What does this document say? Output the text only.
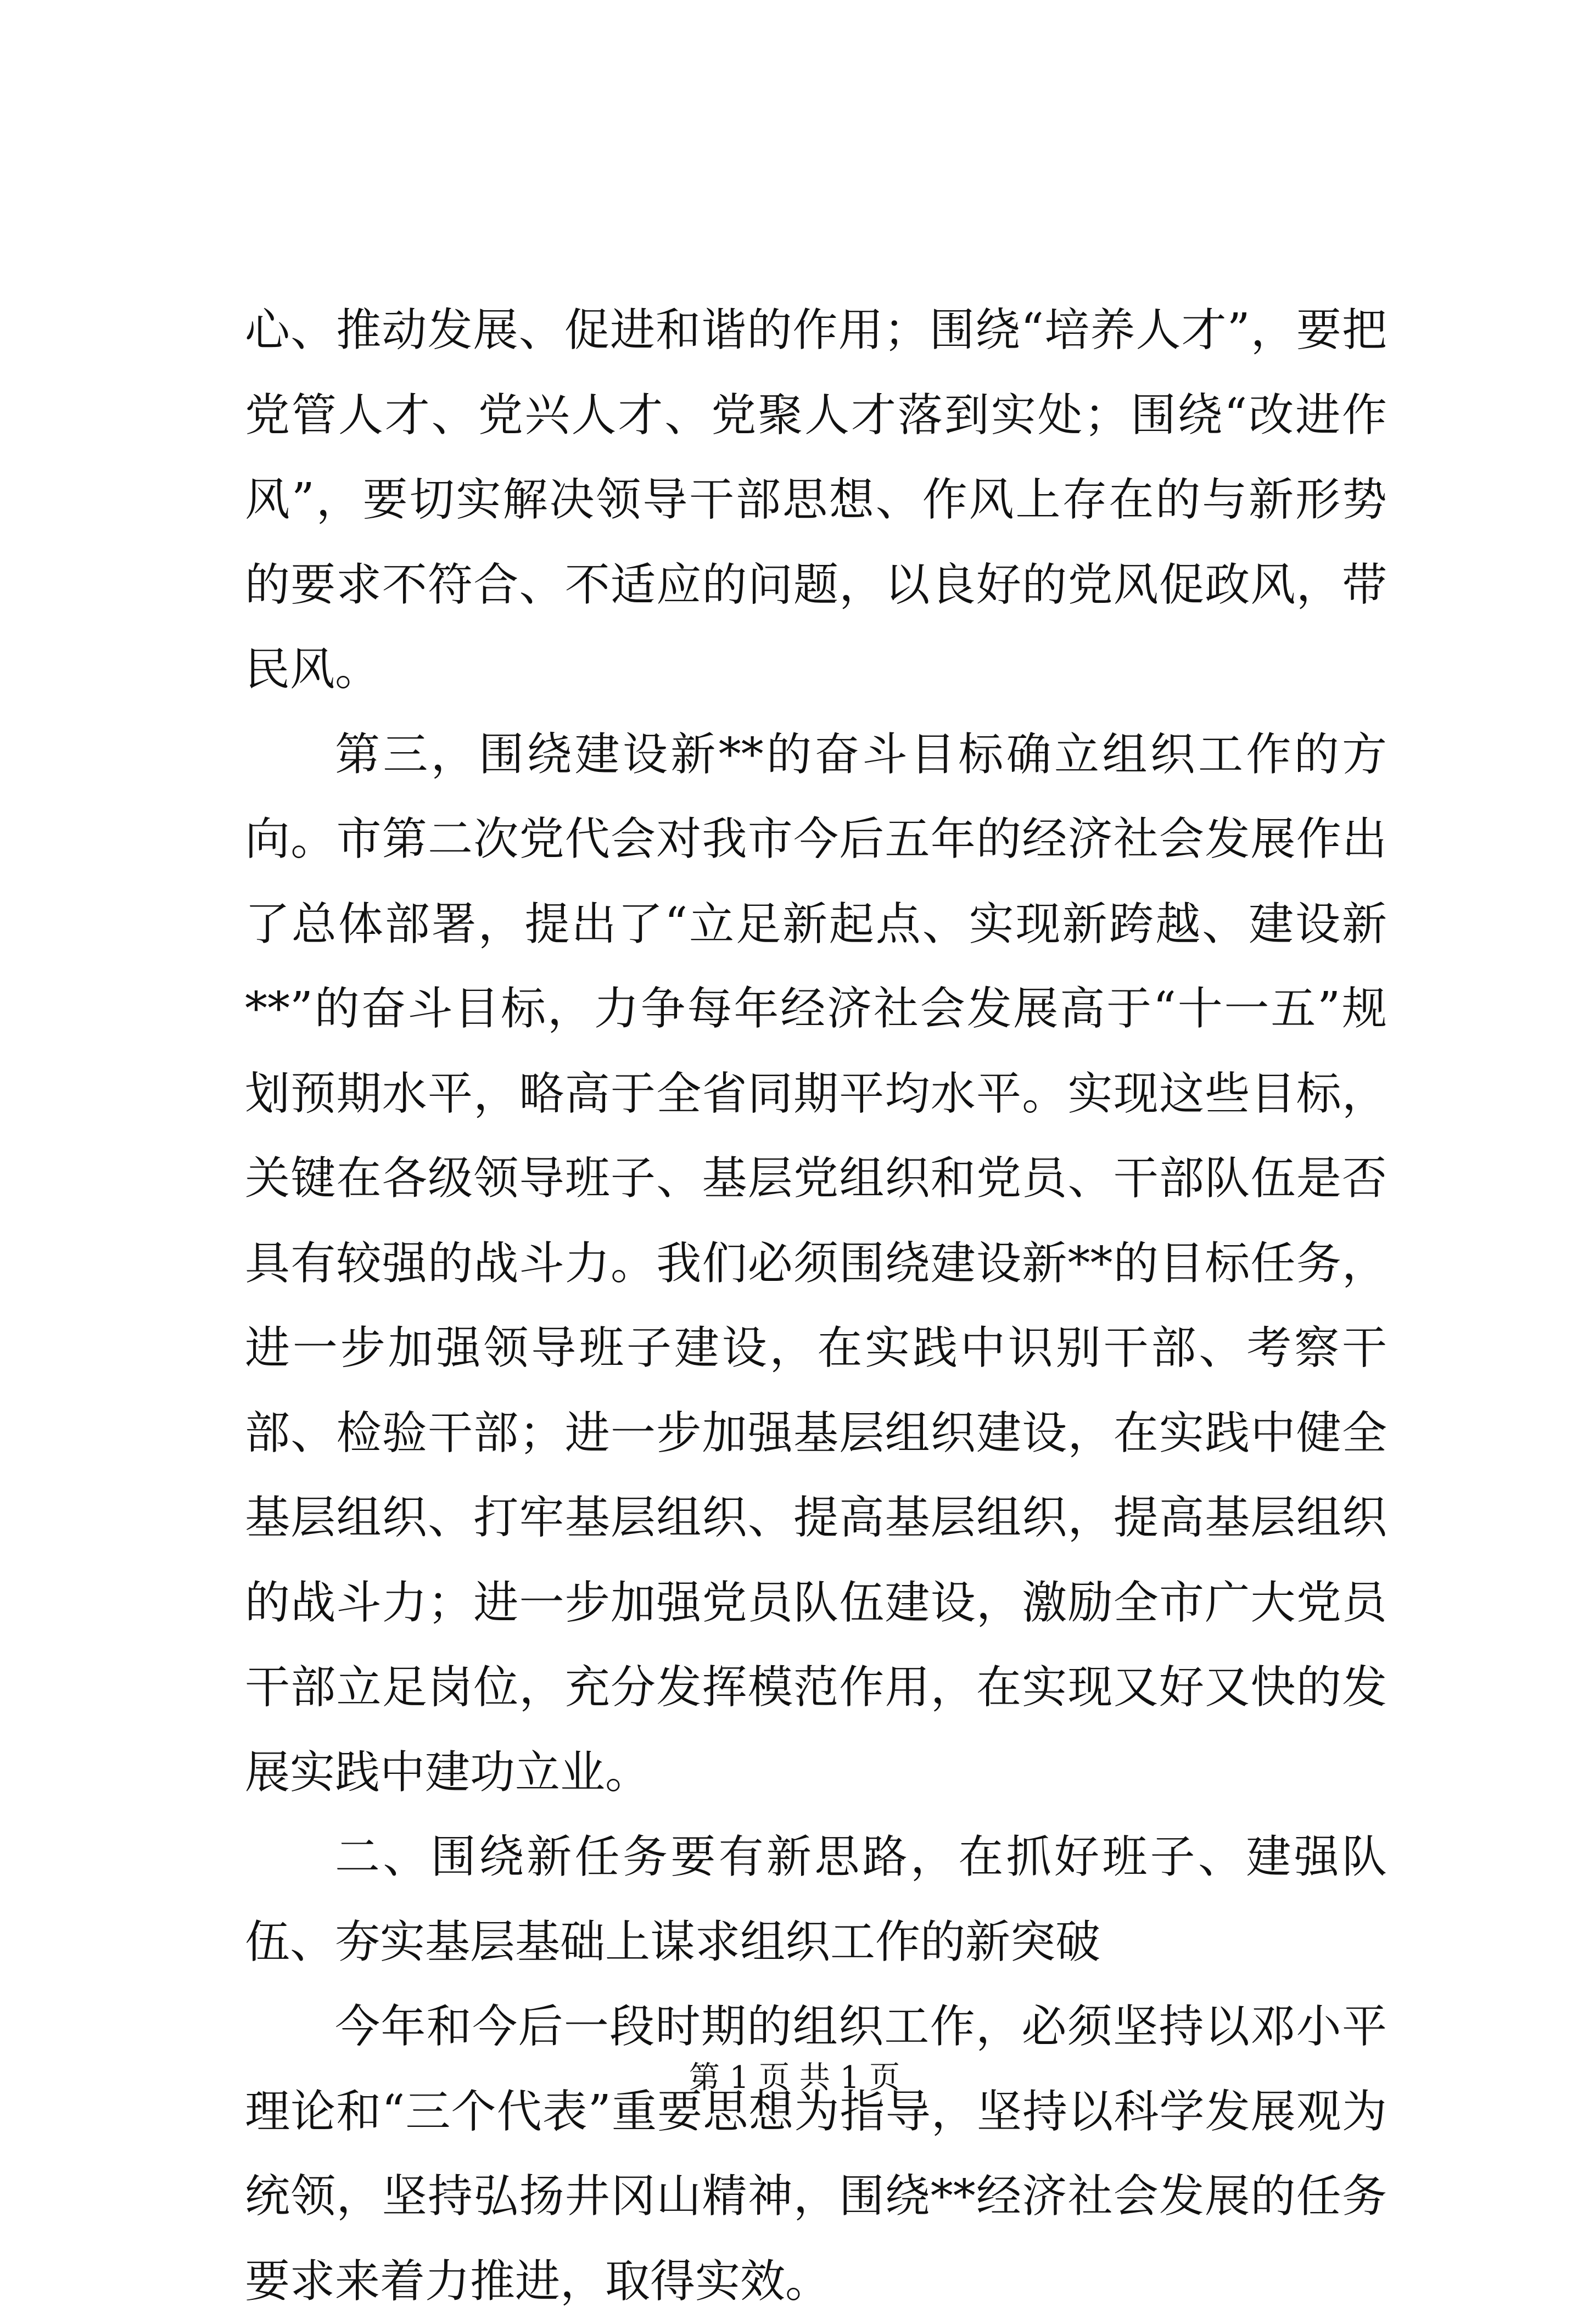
心、推动发展、促进和谐的作用；围绕“培养人才”，要把党管人才、党兴人才、党聚人才落到实处；围绕“改进作风”，要切实解决领导干部思想、作风上存在的与新形势的要求不符合、不适应的问题，以良好的党风促政风，带民风。

第三，围绕建设新**的奋斗目标确立组织工作的方向。市第二次党代会对我市今后五年的经济社会发展作出了总体部署，提出了“立足新起点、实现新跨越、建设新**”的奋斗目标，力争每年经济社会发展高于“十一五”规划预期水平，略高于全省同期平均水平。实现这些目标，关键在各级领导班子、基层党组织和党员、干部队伍是否具有较强的战斗力。我们必须围绕建设新**的目标任务，进一步加强领导班子建设，在实践中识别干部、考察干部、检验干部；进一步加强基层组织建设，在实践中健全基层组织、打牢基层组织、提高基层组织，提高基层组织的战斗力；进一步加强党员队伍建设，激励全市广大党员干部立足岗位，充分发挥模范作用，在实现又好又快的发展实践中建功立业。

二、围绕新任务要有新思路，在抓好班子、建强队伍、夯实基层基础上谋求组织工作的新突破

今年和今后一段时期的组织工作，必须坚持以邓小平理论和“三个代表”重要思想为指导，坚持以科学发展观为统领，坚持弘扬井冈山精神，围绕**经济社会发展的任务要求来着力推进，取得实效。

第 1 页 共 1 页
